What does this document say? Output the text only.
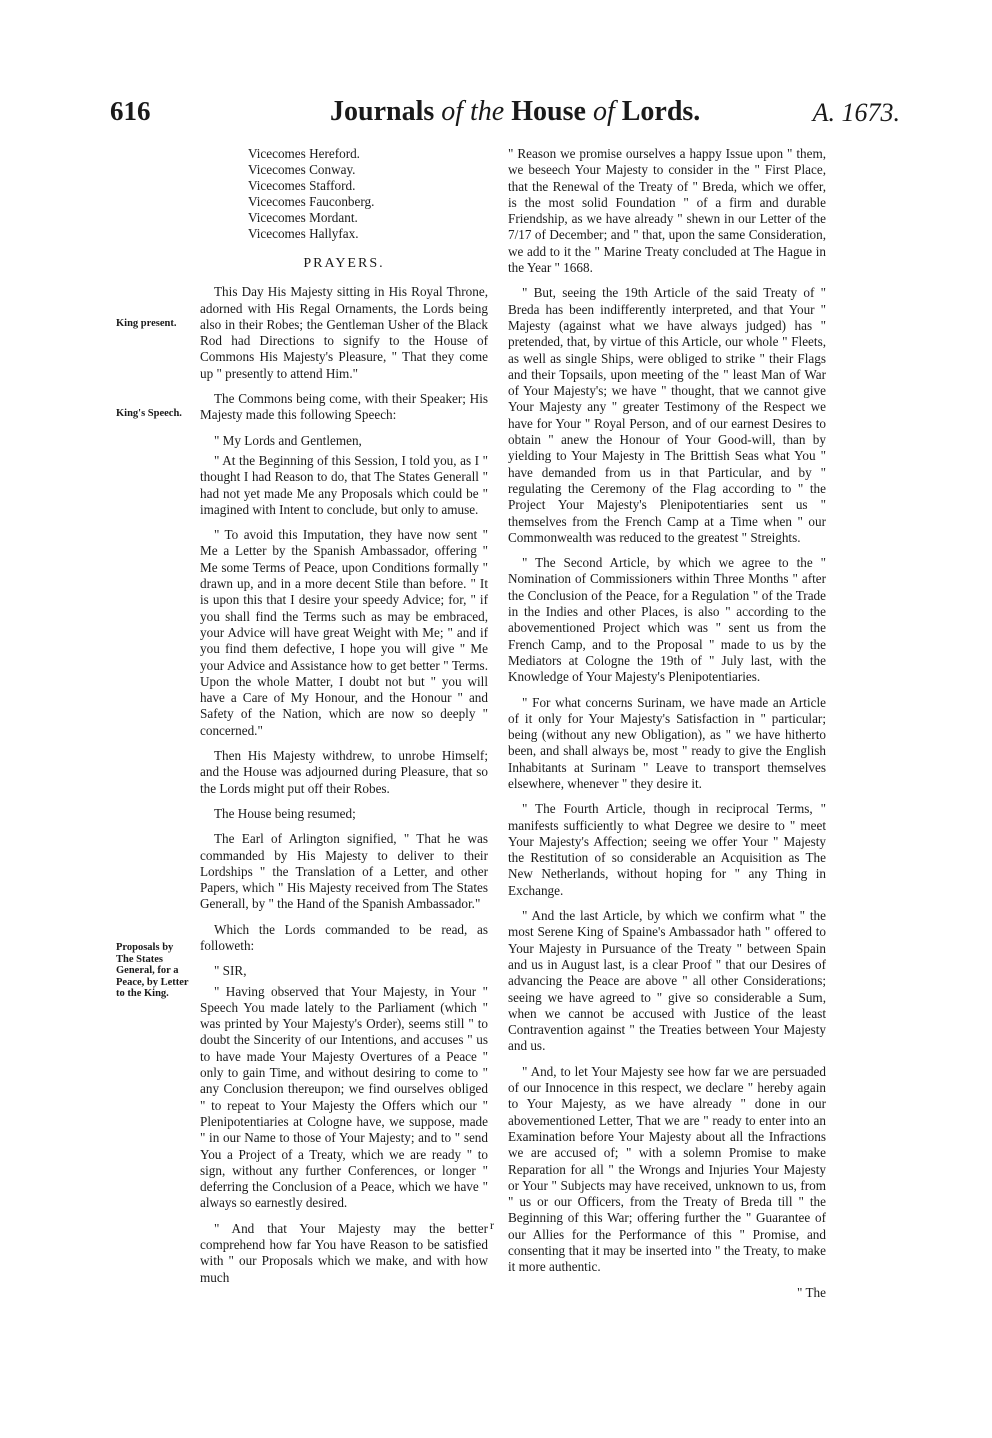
616	Journals of the House of Lords.	A. 1673.
King present.
King's Speech.
Proposals by The States General, for a Peace, by Letter to the King.
Vicecomes Hereford.
Vicecomes Conway.
Vicecomes Stafford.
Vicecomes Fauconberg.
Vicecomes Mordant.
Vicecomes Hallyfax.
PRAYERS.

This Day His Majesty sitting in His Royal Throne, adorned with His Regal Ornaments, the Lords being also in their Robes; the Gentleman Usher of the Black Rod had Directions to signify to the House of Commons His Majesty's Pleasure, " That they come up " presently to attend Him."

The Commons being come, with their Speaker; His Majesty made this following Speech:

" My Lords and Gentlemen,

" At the Beginning of this Session, I told you, as I " thought I had Reason to do, that The States Generall " had not yet made Me any Proposals which could be " imagined with Intent to conclude, but only to amuse.

" To avoid this Imputation, they have now sent " Me a Letter by the Spanish Ambassador, offering " Me some Terms of Peace, upon Conditions formally " drawn up, and in a more decent Stile than before. " It is upon this that I desire your speedy Advice; for, " if you shall find the Terms such as may be embraced, your Advice will have great Weight with Me; " and if you find them defective, I hope you will give " Me your Advice and Assistance how to get better " Terms. Upon the whole Matter, I doubt not but " you will have a Care of My Honour, and the Honour " and Safety of the Nation, which are now so deeply " concerned."

Then His Majesty withdrew, to unrobe Himself; and the House was adjourned during Pleasure, that so the Lords might put off their Robes.

The House being resumed;

The Earl of Arlington signified, " That he was commanded by His Majesty to deliver to their Lordships " the Translation of a Letter, and other Papers, which " His Majesty received from The States Generall, by " the Hand of the Spanish Ambassador."

Which the Lords commanded to be read, as followeth:

" SIR,

" Having observed that Your Majesty, in Your " Speech You made lately to the Parliament (which " was printed by Your Majesty's Order), seems still " to doubt the Sincerity of our Intentions, and accuses " us to have made Your Majesty Overtures of a Peace " only to gain Time, and without desiring to come to " any Conclusion thereupon; we find ourselves obliged " to repeat to Your Majesty the Offers which our " Plenipotentiaries at Cologne have, we suppose, made " in our Name to those of Your Majesty; and to " send You a Project of a Treaty, which we are ready " to sign, without any further Conferences, or longer " deferring the Conclusion of a Peace, which we have " always so earnestly desired.

" And that Your Majesty may the better comprehend how far You have Reason to be satisfied with " our Proposals which we make, and with how much

" Reason we promise ourselves a happy Issue upon " them, we beseech Your Majesty to consider in the " First Place, that the Renewal of the Treaty of " Breda, which we offer, is the most solid Foundation " of a firm and durable Friendship, as we have already " shewn in our Letter of the 7/17 of December; and " that, upon the same Consideration, we add to it the " Marine Treaty concluded at The Hague in the Year " 1668.

" But, seeing the 19th Article of the said Treaty of " Breda has been indifferently interpreted, and that Your " Majesty (against what we have always judged) has " pretended, that, by virtue of this Article, our whole " Fleets, as well as single Ships, were obliged to strike " their Flags and their Topsails, upon meeting of the " least Man of War of Your Majesty's; we have " thought, that we cannot give Your Majesty any " greater Testimony of the Respect we have for Your " Royal Person, and of our earnest Desires to obtain " anew the Honour of Your Good-will, than by yielding to Your Majesty in The Brittish Seas what You " have demanded from us in that Particular, and by " regulating the Ceremony of the Flag according to " the Project Your Majesty's Plenipotentiaries sent us " themselves from the French Camp at a Time when " our Commonwealth was reduced to the greatest " Streights.

" The Second Article, by which we agree to the " Nomination of Commissioners within Three Months " after the Conclusion of the Peace, for a Regulation " of the Trade in the Indies and other Places, is also " according to the abovementioned Project which was " sent us from the French Camp, and to the Proposal " made to us by the Mediators at Cologne the 19th of " July last, with the Knowledge of Your Majesty's Plenipotentiaries.

" For what concerns Surinam, we have made an Article of it only for Your Majesty's Satisfaction in " particular; being (without any new Obligation), as " we have hitherto been, and shall always be, most " ready to give the English Inhabitants at Surinam " Leave to transport themselves elsewhere, whenever " they desire it.

" The Fourth Article, though in reciprocal Terms, " manifests sufficiently to what Degree we desire to " meet Your Majesty's Affection; seeing we offer Your " Majesty the Restitution of so considerable an Acquisition as The New Netherlands, without hoping for " any Thing in Exchange.

" And the last Article, by which we confirm what " the most Serene King of Spaine's Ambassador hath " offered to Your Majesty in Pursuance of the Treaty " between Spain and us in August last, is a clear Proof " that our Desires of advancing the Peace are above " all other Considerations; seeing we have agreed to " give so considerable a Sum, when we cannot be accused with Justice of the least Contravention against " the Treaties between Your Majesty and us.

" And, to let Your Majesty see how far we are persuaded of our Innocence in this respect, we declare " hereby again to Your Majesty, as we have already " done in our abovementioned Letter, That we are " ready to enter into an Examination before Your Majesty about all the Infractions we are accused of; " with a solemn Promise to make Reparation for all " the Wrongs and Injuries Your Majesty or Your " Subjects may have received, unknown to us, from " us or our Officers, from the Treaty of Breda till " the Beginning of this War; offering further the " Guarantee of our Allies for the Performance of this " Promise, and consenting that it may be inserted into " the Treaty, to make it more authentic.

" The
r
